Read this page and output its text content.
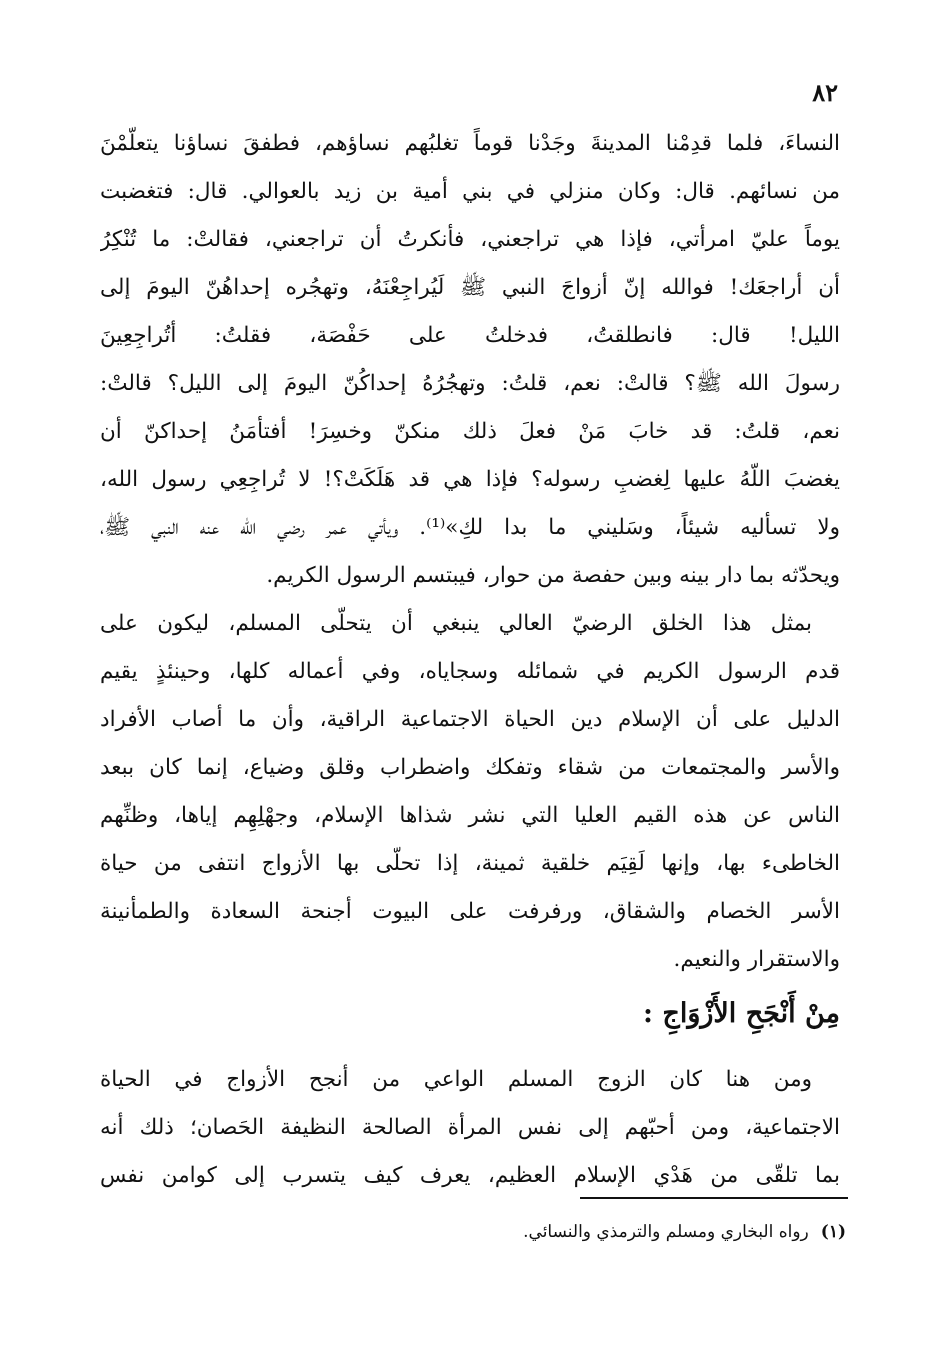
٨٢
النساءَ، فلما قدِمْنا المدينةَ وجَدْنا قوماً تغلبُهم نساؤهم، فطفقَ نساؤنا يتعلّمْنَ
من نسائهم. قال: وكان منزلي في بني أمية بن زيد بالعوالي. قال: فتغضبت
يوماً عليّ امرأتي، فإذا هي تراجعني، فأنكرتُ أن تراجعني، فقالتْ: ما تُنْكِرُ
أن أراجعَك! فوالله إنّ أزواجَ النبي ﷺ لَيُراجِعْنَهُ، وتهجُره إحداهُنّ اليومَ إلى
الليل! قال: فانطلقتُ، فدخلتُ على حَفْصَة، فقلتُ: أتُراجِعِينَ
رسولَ الله ﷺ؟ قالتْ: نعم، قلتُ: وتهجُرُهُ إحداكُنّ اليومَ إلى الليل؟ قالتْ:
نعم، قلتُ: قد خابَ مَنْ فعلَ ذلك منكنّ وخسِرَ! أفتأمَنُ إحداكنّ أن
يغضبَ اللّهُ عليها لِغضبِ رسوله؟ فإذا هي قد هَلَكَتْ؟! لا تُراجِعِي رسول الله،
ولا تسأليه شيئاً، وسَليني ما بدا لكِ»⁽¹⁾. ويأتي عمر رضي الله عنه النبي ﷺ،
ويحدّثه بما دار بينه وبين حفصة من حوار، فيبتسم الرسول الكريم.
بمثل هذا الخلق الرضيّ العالي ينبغي أن يتحلّى المسلم، ليكون على
قدم الرسول الكريم في شمائله وسجاياه، وفي أعماله كلها، وحينئذٍ يقيم
الدليل على أن الإسلام دين الحياة الاجتماعية الراقية، وأن ما أصاب الأفراد
والأسر والمجتمعات من شقاء وتفكك واضطراب وقلق وضياع، إنما كان ببعد
الناس عن هذه القيم العليا التي نشر شذاها الإسلام، وجهْلِهِم إياها، وظنِّهم
الخاطىء بها، وإنها لَقِيَم خلقية ثمينة، إذا تحلّى بها الأزواج انتفى من حياة
الأسر الخصام والشقاق، ورفرفت على البيوت أجنحة السعادة والطمأنينة
والاستقرار والنعيم.
مِنْ أَنْجَحِ الأَزْوَاجِ :
ومن هنا كان الزوج المسلم الواعي من أنجح الأزواج في الحياة
الاجتماعية، ومن أحبّهم إلى نفس المرأة الصالحة النظيفة الحَصان؛ ذلك أنه
بما تلقّى من هَدْي الإسلام العظيم، يعرف كيف يتسرب إلى كوامن نفس
(١)رواه البخاري ومسلم والترمذي والنسائي.
